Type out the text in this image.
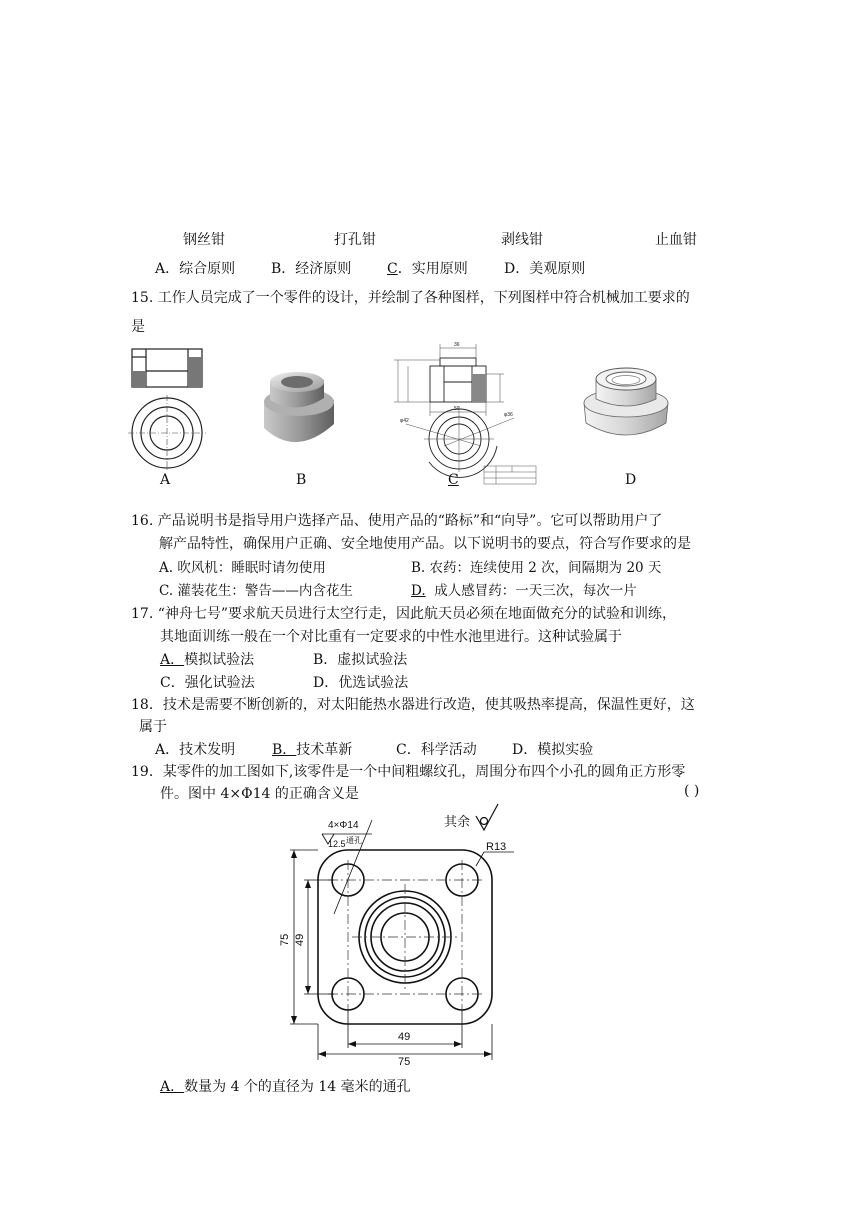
钢丝钳	打孔钳	剥线钳	止血钳
A．综合原则	B．经济原则	C．实用原则	D．美观原则
15. 工作人员完成了一个零件的设计，并绘制了各种图样，下列图样中符合机械加工要求的
是
36
50
φ42
φ36
A	B	C	D
16. 产品说明书是指导用户选择产品、使用产品的“路标”和“向导”。它可以帮助用户了
解产品特性，确保用户正确、安全地使用产品。以下说明书的要点，符合写作要求的是
A. 吹风机：睡眠时请勿使用	B. 农药：连续使用 2 次，间隔期为 20 天
C. 灌装花生：警告——内含花生	D. 成人感冒药：一天三次，每次一片
17. “神舟七号”要求航天员进行太空行走，因此航天员必须在地面做充分的试验和训练，
其地面训练一般在一个对比重有一定要求的中性水池里进行。这种试验属于
A．模拟试验法	B．虚拟试验法
C．强化试验法	D．优选试验法
18．技术是需要不断创新的，对太阳能热水器进行改造，使其吸热率提高，保温性更好，这
属于
A．技术发明	B．技术革新	C．科学活动	D．模拟实验
19．某零件的加工图如下,该零件是一个中间粗螺纹孔，周围分布四个小孔的圆角正方形零
件。图中 4×Φ14 的正确含义是	( )
4×Φ14
通孔
12.5	R13
75 49
49
75
其余
A．数量为 4 个的直径为 14 毫米的通孔
